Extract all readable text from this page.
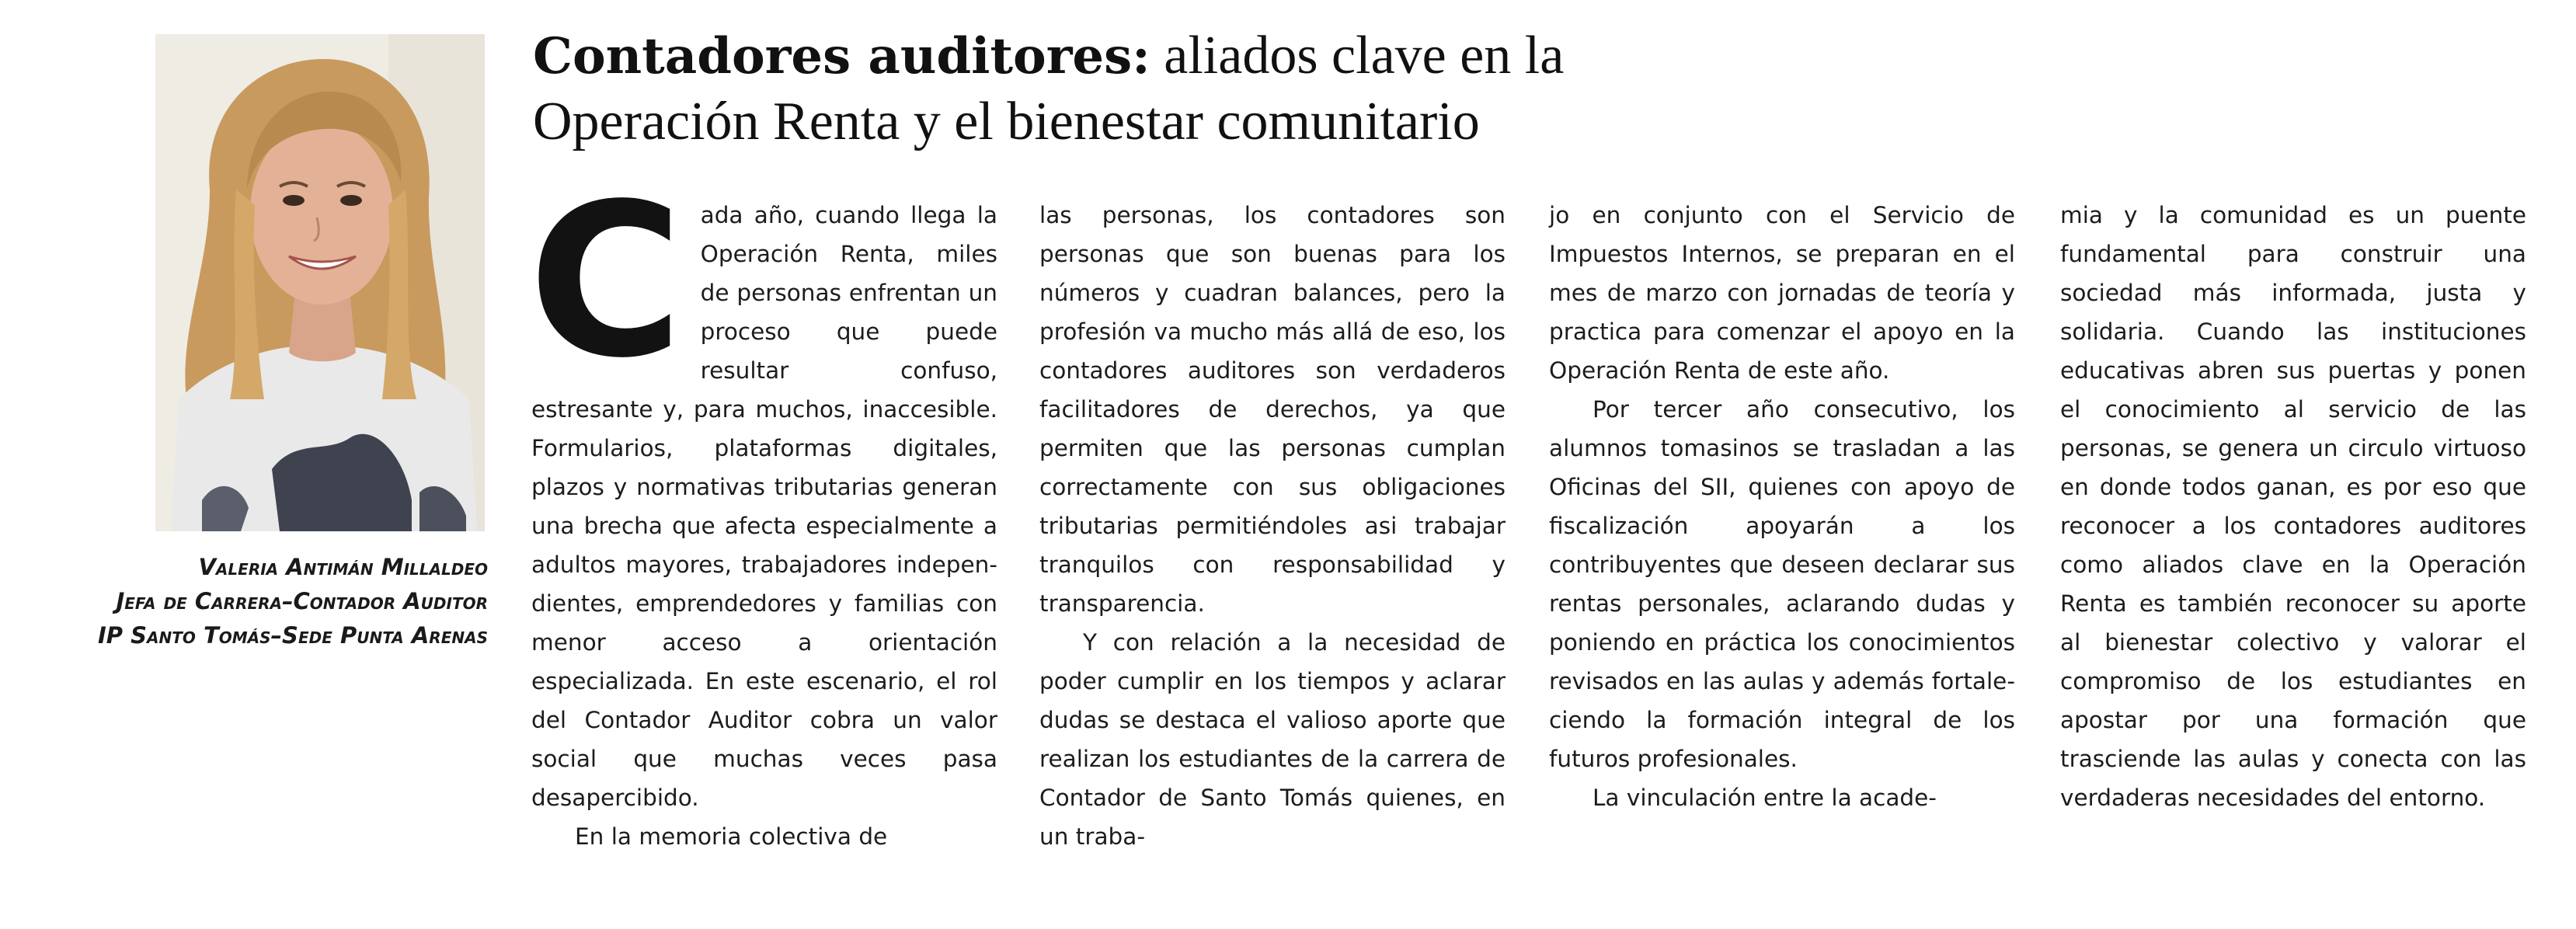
Valeria Antimán Millaldeo
Jefa de Carrera–Contador Auditor
IP Santo Tomás–Sede Punta Arenas
Contadores auditores: aliados clave en la Operación Renta y el bienestar comunitario
C ada año, cuando llega la Operación Renta, miles de personas enfrentan un proceso que puede resultar confuso, estresante y, para muchos, inaccesible. Formularios, plataformas digitales, plazos y normativas tributarias generan una brecha que afecta especialmente a adultos mayores, trabajadores independientes, emprendedores y familias con menor acceso a orientación especializada. En este escenario, el rol del Contador Auditor cobra un valor social que muchas veces pasa desapercibido.

En la memoria colectiva de

las personas, los contadores son personas que son buenas para los números y cuadran balances, pero la profesión va mucho más allá de eso, los contadores auditores son verdaderos facilitadores de derechos, ya que permiten que las personas cumplan correctamente con sus obligaciones tributarias permitiéndoles asi trabajar tranquilos con responsabilidad y transparencia.

Y con relación a la necesidad de poder cumplir en los tiempos y aclarar dudas se destaca el valioso aporte que realizan los estudiantes de la carrera de Contador de Santo Tomás quienes, en un traba-

jo en conjunto con el Servicio de Impuestos Internos, se preparan en el mes de marzo con jornadas de teoría y practica para comenzar el apoyo en la Operación Renta de este año.

Por tercer año consecutivo, los alumnos tomasinos se trasladan a las Oficinas del SII, quienes con apoyo de fiscalización apoyarán a los contribuyentes que deseen declarar sus rentas personales, aclarando dudas y poniendo en práctica los conocimientos revisados en las aulas y además fortaleciendo la formación integral de los futuros profesionales.

La vinculación entre la acade-

mia y la comunidad es un puente fundamental para construir una sociedad más informada, justa y solidaria. Cuando las instituciones educativas abren sus puertas y ponen el conocimiento al servicio de las personas, se genera un circulo virtuoso en donde todos ganan, es por eso que reconocer a los contadores auditores como aliados clave en la Operación Renta es también reconocer su aporte al bienestar colectivo y valorar el compromiso de los estudiantes en apostar por una formación que trasciende las aulas y conecta con las verdaderas necesidades del entorno.
